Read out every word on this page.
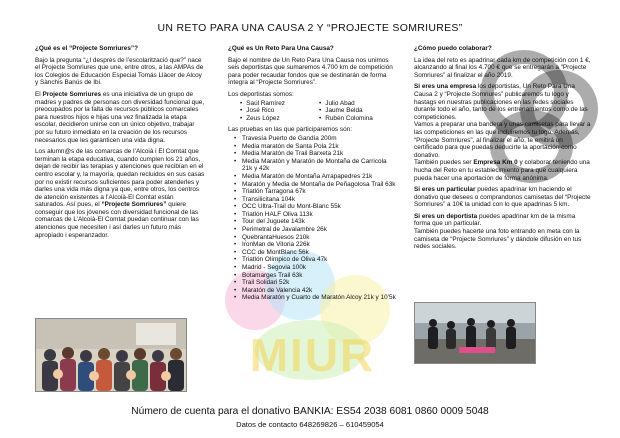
MIUR
UN RETO PARA UNA CAUSA 2 Y “PROJECTE SOMRIURES”

¿Qué es el “Projecte Somriures”?

Bajo la pregunta “¿I desprès de l’escolarització que?” nace el Projecte Somriures que une, entre otros, a las AMPAs de los Colegios de Educación Especial Tomás Llàcer de Alcoy y Sànchis Banús de Ibi.

El Projecte Somriures es una iniciativa de un grupo de madres y padres de personas con diversidad funcional que, preocupados por la falta de recursos públicos comarcales para nuestros hijos e hijas una vez finalizada la etapa escolar, decidieron unirse con un único objetivo, trabajar por su futuro inmediato en la creación de los recursos necesarios que les garanticen una vida digna.

Los alumn@s de las comarcas de l’Alcoià i El Comtat que terminan la etapa educativa, cuando cumplen los 21 años, dejan de recibir las terapias y atenciones que recibían en el centro escolar y, la mayoría, quedan recluidos en sus casas por no existir recursos suficientes para poder atenderles y darles una vida más digna ya que, entre otros, los centros de atención existentes a l’Alcoià-El Comtat están saturados. Así pues, el “Projecte Somriures” quiere conseguir que los jóvenes con diversidad funcional de las comarcas de L’Alcoià-El Comtat puedan continuar con las atenciones que necesiten i así darles un futuro más apropiado i esperanzador.

¿Qué es Un Reto Para Una Causa?

Bajo el nombre de Un Reto Para Una Causa nos unimos seis deportistas que sumaremos 4.700 km de competición para poder recaudar fondos que se destinarán de forma íntegra al “Projecte Somriures”.

Los deportistas somos:

• Saúl Ramírez	• Julio Abad
• José Rico	• Jaume Belda
• Zeus López	• Rubén Colomina

Las pruebas en las que participaremos son:

• Travesía Puerto de Gandía 200m
• Media maratón de Santa Pola 21k
• Media Maratón de Trail Barxeta 21k
• Media Maratón y Maratón de Montaña de Carricola 21k y 42k
• Media Maratón de Montaña Arrapapedres 21k
• Maratón y Media de Montaña de Peñagolosa Trail 63k
• Triatlón Tarragona 67k
• Transilicitana 104k
• OCC Ultra-Trail du Mont-Blanc 55k
• Triatlón HALF Oliva 113k
• Tour del Juguete 143k
• Perimetral de Javalambre 26k
• QuebrantaHuesos 210k
• IronMan de Vitoria 226k
• CCC de MontBlanc 56k
• Triatlón Olímpico de Oliva 47k
• Madrid - Segovia 100k
• Botamarges Trail 63k
• Trail Solidari 52k
• Maratón de Valencia 42k
• Media Maratón y Cuarto de Maratón Alcoy 21k y 10’5k

¿Cómo puedo colaborar?

La idea del reto es apadrinar cada km de competición con 1 €, alcanzando al final los 4.700 € que se entregarán a “Projecte Somriures” al finalizar el año 2019.

Si eres una empresa los deportistas, Un Reto Para Una Causa 2 y “Projecte Somriures” publicaremos tu logo y hastags en nuestras publicaciones en las redes sociales durante todo el año, tanto de los entrenamientos como de las competiciones.
Vamos a preparar una bandera y unas camisetas para llevar a las competiciones en las que incluiremos tu logo. Además, “Projecte Somriures”, al finalizar el año, te emitirá un certificado para que puedas deducirte la aportación como donativo.
También puedes ser Empresa Km 0 y colaborar teniendo una hucha del Reto en tu establecimiento para que cualquiera pueda hacer una aportación de forma anónima.

Si eres un particular puedes apadrinar km haciendo el donativo que desees o comprandonos camisetas del “Projecte Somriures” a 10€ la unidad con lo que apadrinas 5 km.

Si eres un deportista puedes apadrinar km de la misma forma que un particular.
También puedes hacerte una foto entrando en meta con la camiseta de “Projecte Somriures” y dándole difusión en tus redes sociales.

Número de cuenta para el donativo BANKIA: ES54 2038 6081 0860 0009 5048
Datos de contacto 648269826 – 610459054
